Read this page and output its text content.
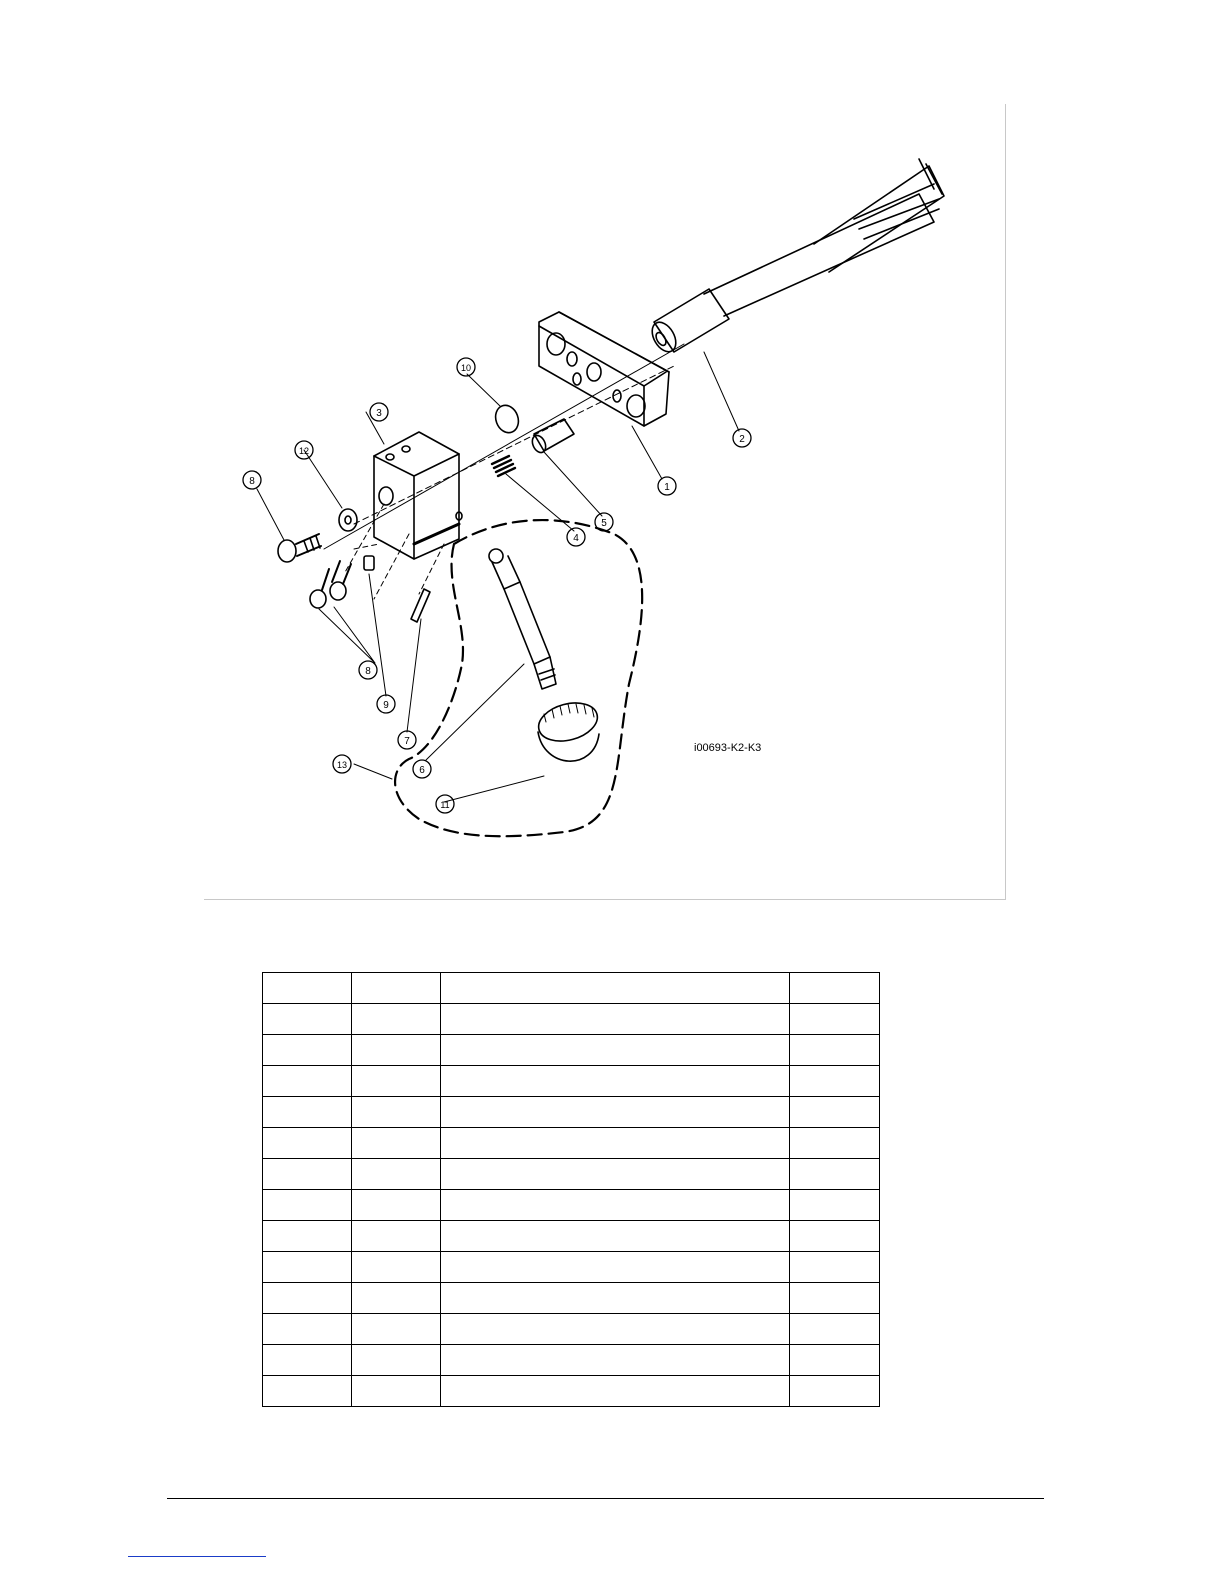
1
2
3
4
5
6
7
8
8
9
10
11
12
13
i00693-K2-K3
